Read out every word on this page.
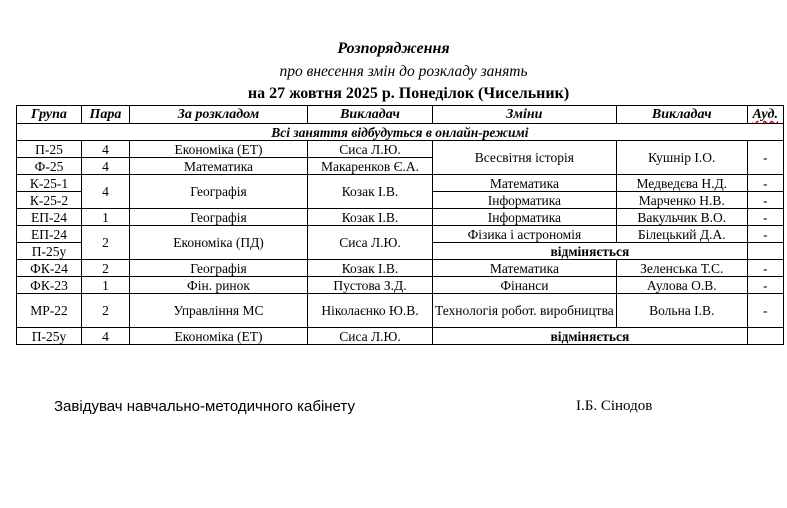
Розпорядження
про внесення змін до розкладу занять
на 27 жовтня 2025 р. Понеділок (Чисельник)
Група	Пара	За розкладом	Викладач	Зміни	Викладач	Ауд.
Всі заняття відбудуться в онлайн-режимі						
П-25	4	Економіка (ЕТ)	Сиса Л.Ю.	Всесвітня історія	Кушнір І.О.	-
Ф-25	4	Математика	Макаренков Є.А.			
К-25-1	4	Географія	Козак І.В.	Математика	Медведєва Н.Д.	-
К-25-2				Інформатика	Марченко Н.В.	-
ЕП-24	1	Географія	Козак І.В.	Інформатика	Вакульчик В.О.	-
ЕП-24	2	Економіка (ПД)	Сиса Л.Ю.	Фізика і астрономія	Білецький Д.А.	-
П-25у				відміняється		
ФК-24	2	Географія	Козак І.В.	Математика	Зеленська Т.С.	-
ФК-23	1	Фін. ринок	Пустова З.Д.	Фінанси	Аулова О.В.	-
МР-22	2	Управління МС	Ніколаєнко Ю.В.	Технологія робот. виробництва	Вольна І.В.	-
П-25у	4	Економіка (ЕТ)	Сиса Л.Ю.	відміняється		
Завідувач навчально-методичного кабінету	І.Б. Сінодов
